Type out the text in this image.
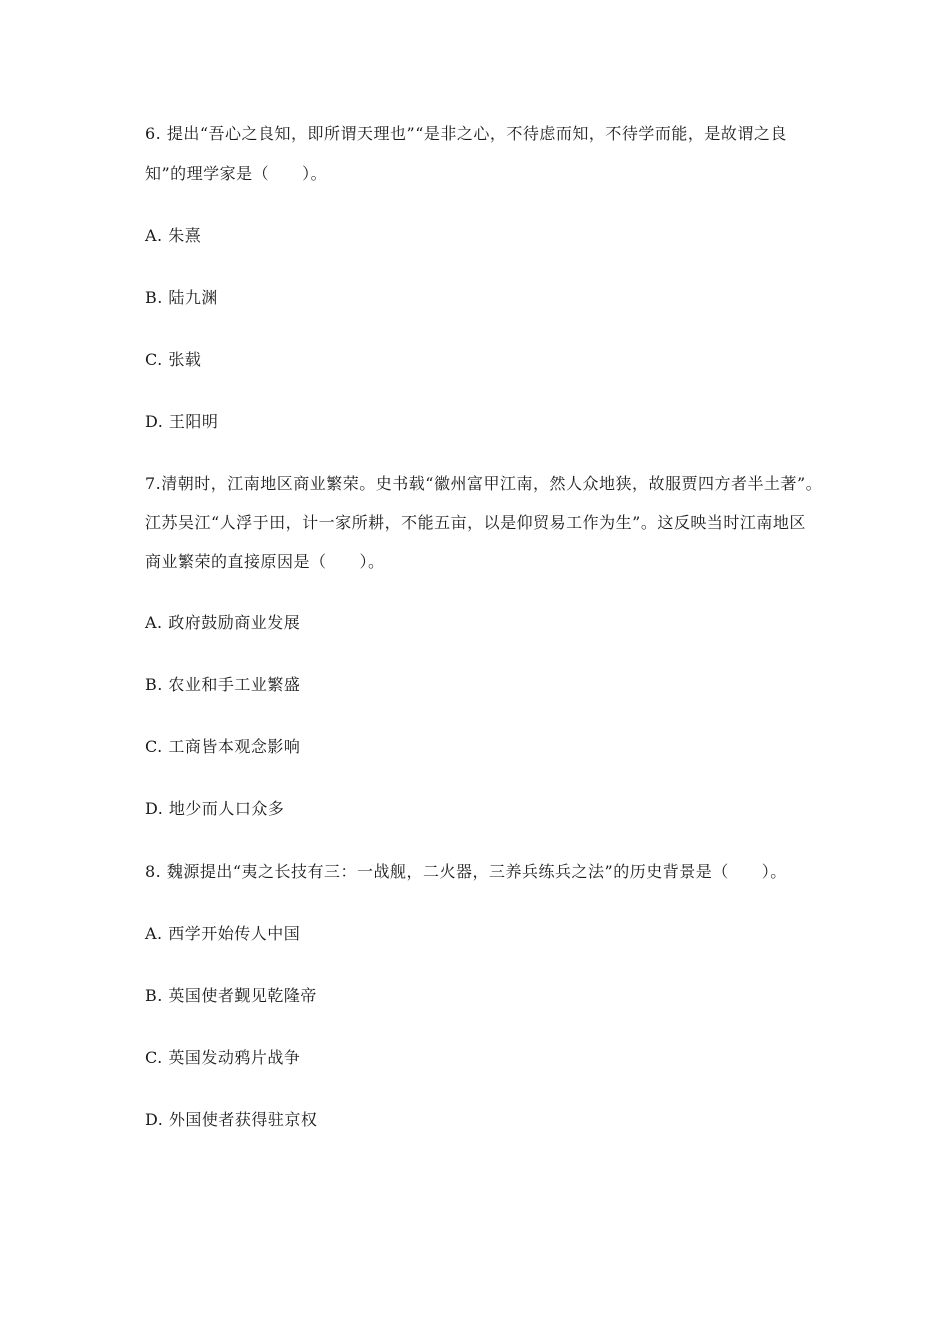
6. 提出“吾心之良知，即所谓天理也”“是非之心，不待虑而知，不待学而能，是故谓之良
知”的理学家是（　　）。
A. 朱熹
B. 陆九渊
C. 张载
D. 王阳明
7.清朝时，江南地区商业繁荣。史书载“徽州富甲江南，然人众地狭，故服贾四方者半土著”。
江苏吴江“人浮于田，计一家所耕，不能五亩，以是仰贸易工作为生”。这反映当时江南地区
商业繁荣的直接原因是（　　）。
A. 政府鼓励商业发展
B. 农业和手工业繁盛
C. 工商皆本观念影响
D. 地少而人口众多
8. 魏源提出“夷之长技有三：一战舰，二火器，三养兵练兵之法”的历史背景是（　　）。
A. 西学开始传人中国
B. 英国使者觐见乾隆帝
C. 英国发动鸦片战争
D. 外国使者获得驻京权
